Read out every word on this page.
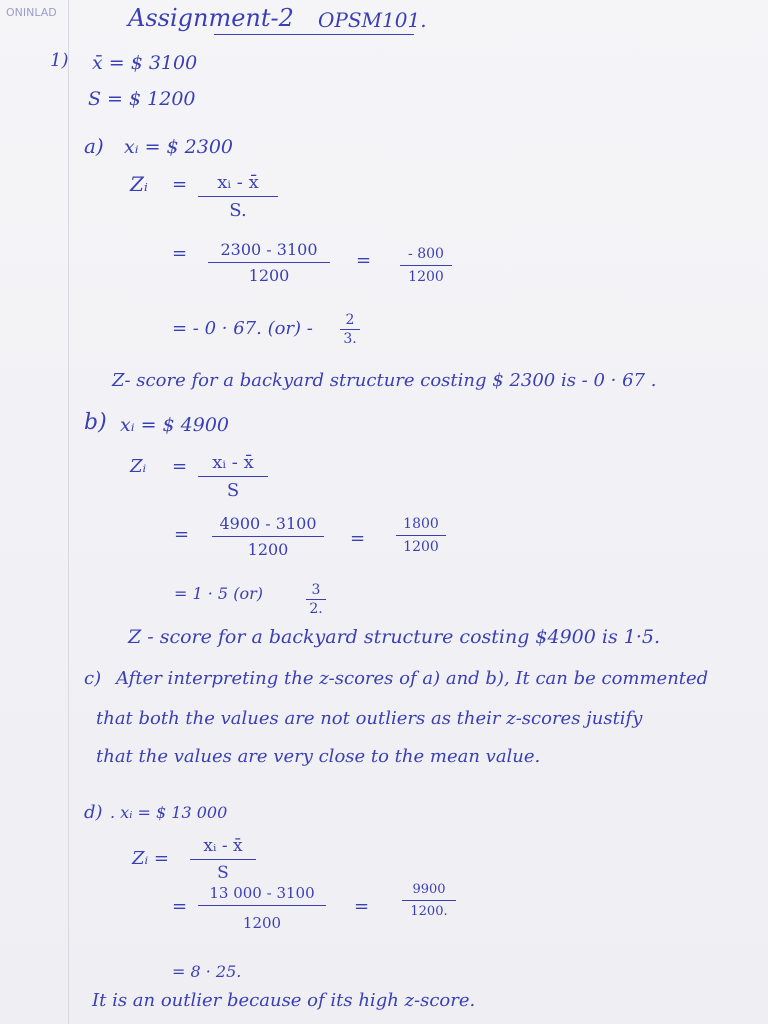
ONINLAD	Assignment-2 OPSM101.
1) x̄ = $ 3100
S = $ 1200
a) xᵢ = $ 2300
Zᵢ = $\frac{\text{xᵢ - x̄}}{S.}$
= $\frac{2300 - 3100}{1200} = \frac{- 800}{1200}$
= - 0 · 67. $(or) - \frac{2}{3.}$
Z- score for a backyard structure costing $ 2300 is - 0 · 67 .
b) xᵢ = $ 4900
Zᵢ = $\frac{\text{xᵢ - x̄}}{S}$
= $\frac{4900 - 3100}{1200} = \frac{1800}{1200}$
= 1 · 5 (or)	$\frac{3}{2.}$
Z - score for a backyard structure costing $4900 is 1·5.
c) After interpreting the z-scores of a) and b), It can be commented
that both the values are not outliers as their z-scores justify
that the values are very close to the mean value.
d) . xᵢ = $ 13 000
Zᵢ = $\frac{\text{xᵢ - x̄}}{S}$
= $\frac{13 000 - 3100}{1200}$ =	$\frac{9900}{1200.}$
= 8 · 25.
It is an outlier because of its high z-score.
